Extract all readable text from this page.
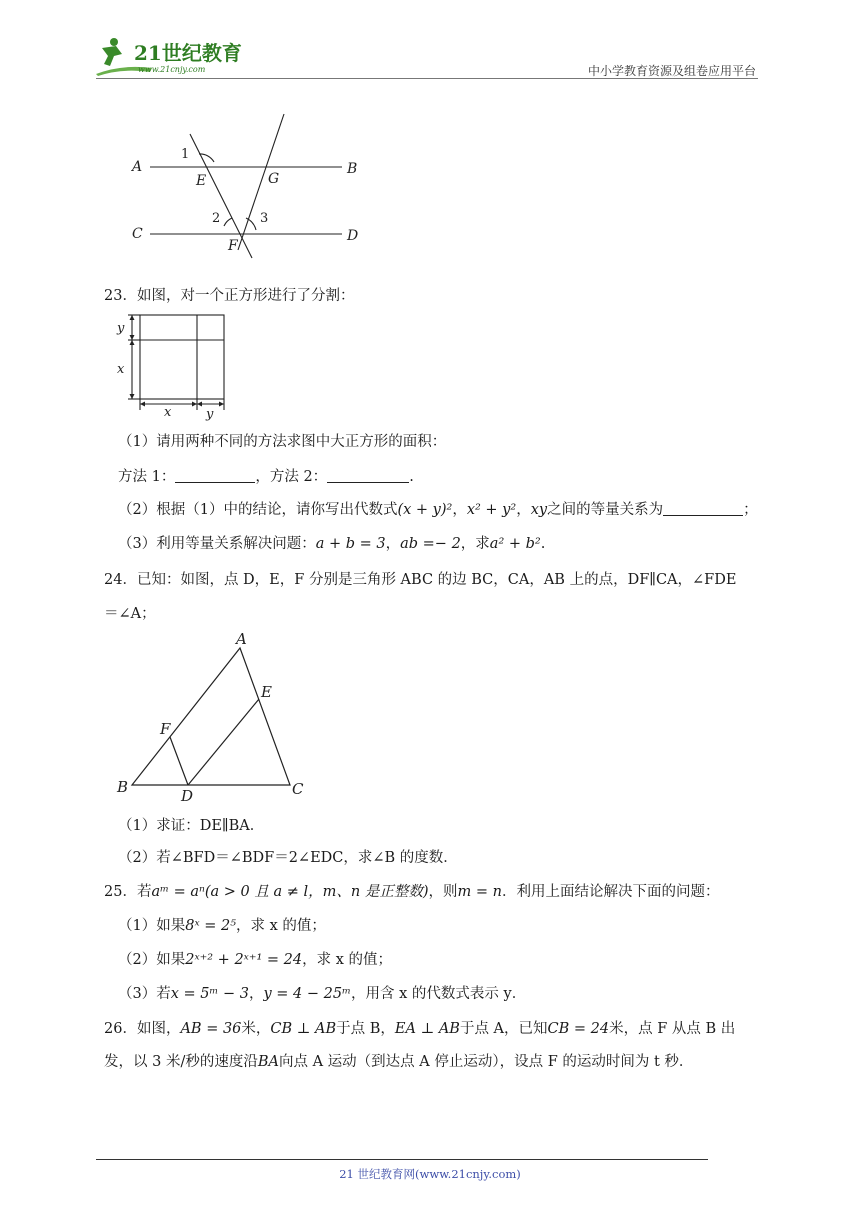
21世纪教育
www.21cnjy.com	中小学教育资源及组卷应用平台
A	B
C	D
E	G
F
1
2	3
23．如图，对一个正方形进行了分割：
y
x
x	y
（1）请用两种不同的方法求图中大正方形的面积：
方法 1：	，方法 2：	.
（2）根据（1）中的结论，请你写出代数式(x + y)²，x² + y²，xy之间的等量关系为	；
（3）利用等量关系解决问题：a + b = 3，ab =− 2，求a² + b².
24．已知：如图，点 D，E，F 分别是三角形 ABC 的边 BC，CA，AB 上的点，DF∥CA，∠FDE
＝∠A；
A
B	C
D
E
F
（1）求证：DE∥BA．
（2）若∠BFD＝∠BDF＝2∠EDC，求∠B 的度数．
25．若aᵐ = aⁿ(a > 0 且 a ≠ l，m、n 是正整数)，则m = n．利用上面结论解决下面的问题：
（1）如果8ˣ = 2⁵，求 x 的值；
（2）如果2ˣ⁺² + 2ˣ⁺¹ = 24，求 x 的值；
（3）若x = 5ᵐ − 3，y = 4 − 25ᵐ，用含 x 的代数式表示 y．
26．如图，AB = 36米，CB ⊥ AB于点 B，EA ⊥ AB于点 A，已知CB = 24米，点 F 从点 B 出
发，以 3 米/秒的速度沿BA向点 A 运动（到达点 A 停止运动），设点 F 的运动时间为 t 秒．
21 世纪教育网(www.21cnjy.com)
